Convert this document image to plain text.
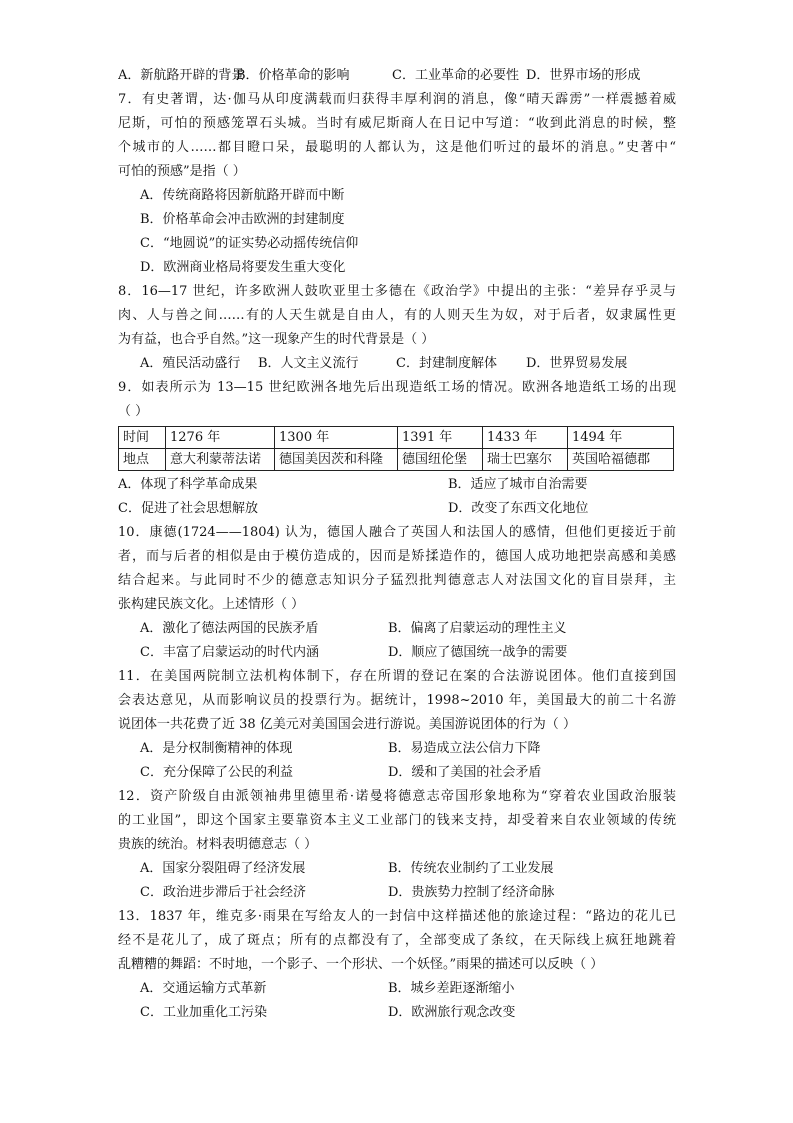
A．新航路开辟的背景
B．价格革命的影响	C．工业革命的必要性 D．世界市场的形成
7．有史著谓，达·伽马从印度满载而归获得丰厚利润的消息，像“晴天霹雳”一样震撼着威
尼斯，可怕的预感笼罩石头城。当时有威尼斯商人在日记中写道：“收到此消息的时候，整
个城市的人……都目瞪口呆，最聪明的人都认为，这是他们听过的最坏的消息。”史著中“
可怕的预感”是指（ ）
A．传统商路将因新航路开辟而中断
B．价格革命会冲击欧洲的封建制度
C．“地圆说”的证实势必动摇传统信仰
D．欧洲商业格局将要发生重大变化
8．16—17 世纪，许多欧洲人鼓吹亚里士多德在《政治学》中提出的主张：“差异存乎灵与
肉、人与兽之间……有的人天生就是自由人，有的人则天生为奴，对于后者，奴隶属性更
为有益，也合乎自然。”这一现象产生的时代背景是（ ）
A．殖民活动盛行	B．人文主义流行	C．封建制度解体	D．世界贸易发展
9．如表所示为 13—15 世纪欧洲各地先后出现造纸工场的情况。欧洲各地造纸工场的出现
（ ）
时间	1276 年	1300 年	1391 年	1433 年	1494 年
地点	意大利蒙蒂法诺	德国美因茨和科隆	德国纽伦堡	瑞士巴塞尔	英国哈福德郡
A．体现了科学革命成果	B．适应了城市自治需要
C．促进了社会思想解放	D．改变了东西文化地位
10．康德(1724——1804) 认为，德国人融合了英国人和法国人的感情，但他们更接近于前
者，而与后者的相似是由于模仿造成的，因而是矫揉造作的，德国人成功地把崇高感和美感
结合起来。与此同时不少的德意志知识分子猛烈批判德意志人对法国文化的盲目崇拜，主
张构建民族文化。上述情形（ ）
A．激化了德法两国的民族矛盾	B．偏离了启蒙运动的理性主义
C．丰富了启蒙运动的时代内涵	D．顺应了德国统一战争的需要
11．在美国两院制立法机构体制下，存在所谓的登记在案的合法游说团体。他们直接到国
会表达意见，从而影响议员的投票行为。据统计，1998~2010 年，美国最大的前二十名游
说团体一共花费了近 38 亿美元对美国国会进行游说。美国游说团体的行为（ ）
A．是分权制衡精神的体现	B．易造成立法公信力下降
C．充分保障了公民的利益	D．缓和了美国的社会矛盾
12．资产阶级自由派领袖弗里德里希·诺曼将德意志帝国形象地称为“穿着农业国政治服装
的工业国”，即这个国家主要靠资本主义工业部门的钱来支持，却受着来自农业领域的传统
贵族的统治。材料表明德意志（ ）
A．国家分裂阻碍了经济发展	B．传统农业制约了工业发展
C．政治进步滞后于社会经济	D．贵族势力控制了经济命脉
13．1837 年，维克多·雨果在写给友人的一封信中这样描述他的旅途过程：“路边的花儿已
经不是花儿了，成了斑点；所有的点都没有了，全部变成了条纹，在天际线上疯狂地跳着
乱糟糟的舞蹈：不时地，一个影子、一个形状、一个妖怪。”雨果的描述可以反映（ ）
A．交通运输方式革新	B．城乡差距逐渐缩小
C．工业加重化工污染	D．欧洲旅行观念改变
